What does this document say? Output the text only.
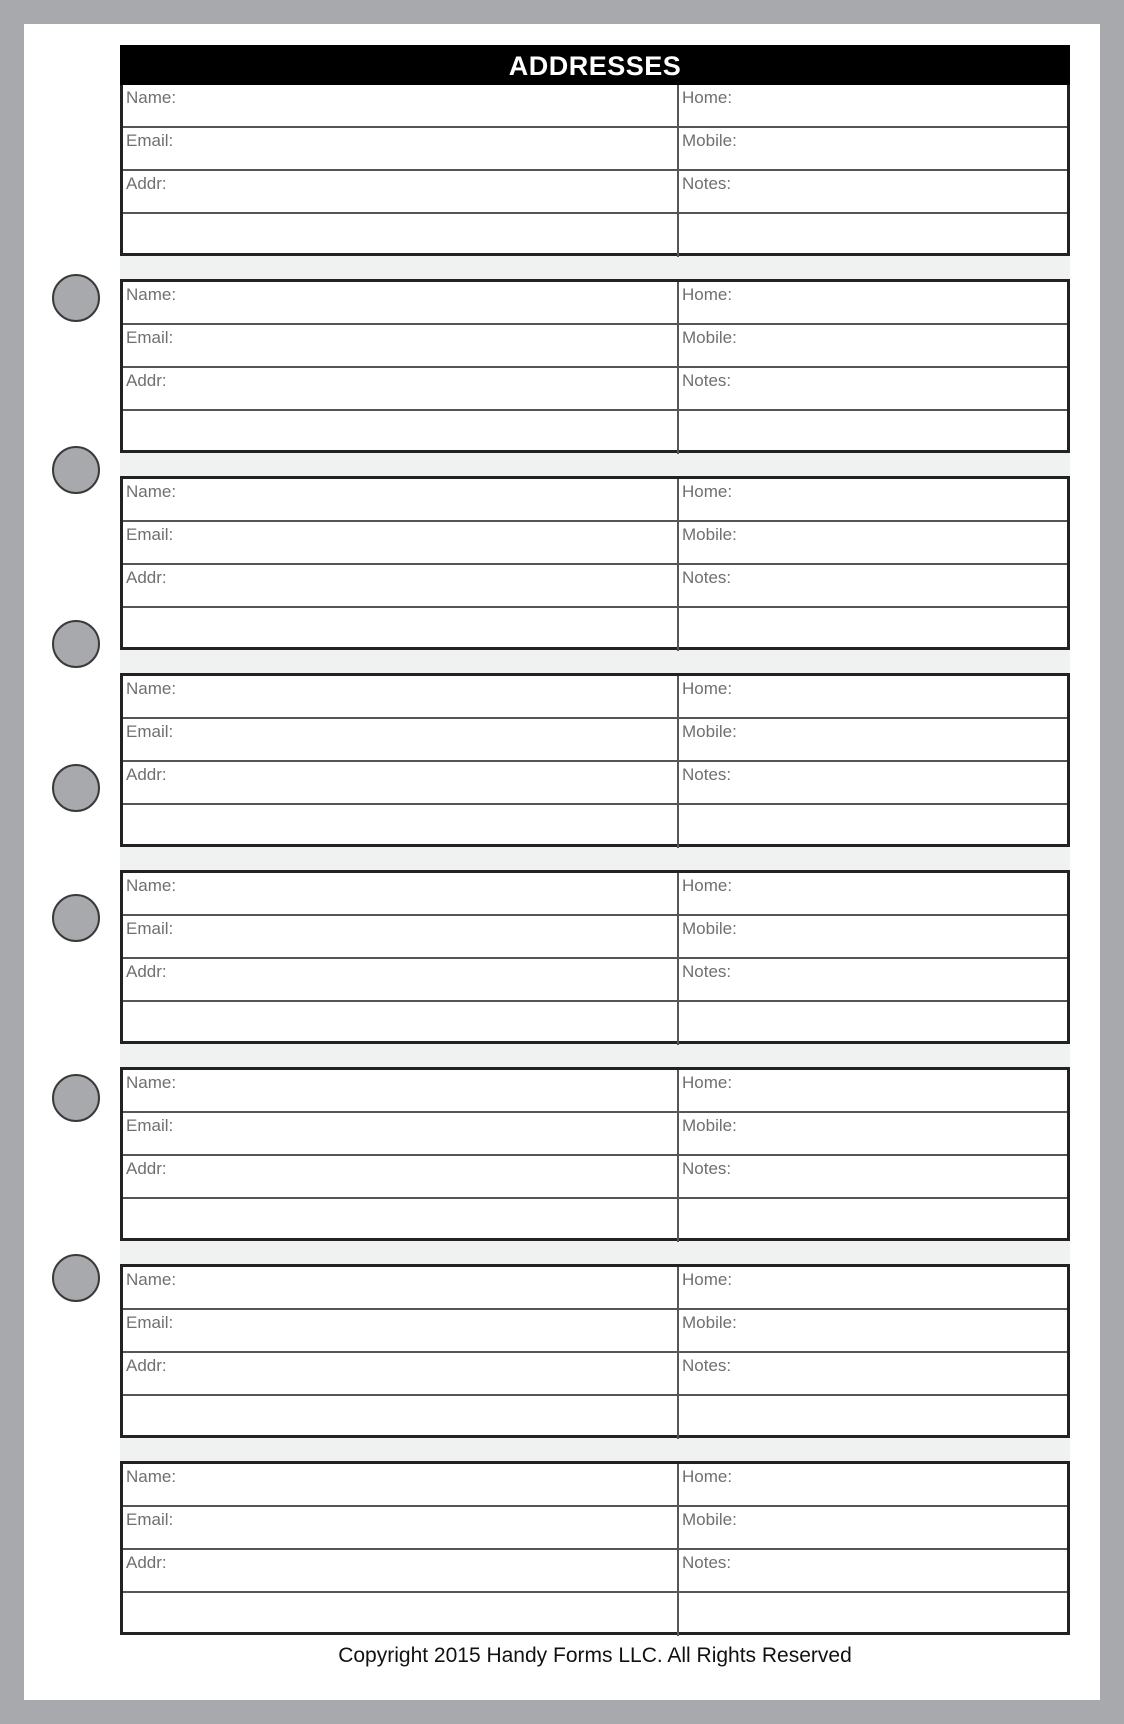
ADDRESSES
Name:	Home:
Email:	Mobile:
Addr:	Notes:
Name:	Home:
Email:	Mobile:
Addr:	Notes:
Name:	Home:
Email:	Mobile:
Addr:	Notes:
Name:	Home:
Email:	Mobile:
Addr:	Notes:
Name:	Home:
Email:	Mobile:
Addr:	Notes:
Name:	Home:
Email:	Mobile:
Addr:	Notes:
Name:	Home:
Email:	Mobile:
Addr:	Notes:
Name:	Home:
Email:	Mobile:
Addr:	Notes:
Copyright 2015 Handy Forms LLC. All Rights Reserved
